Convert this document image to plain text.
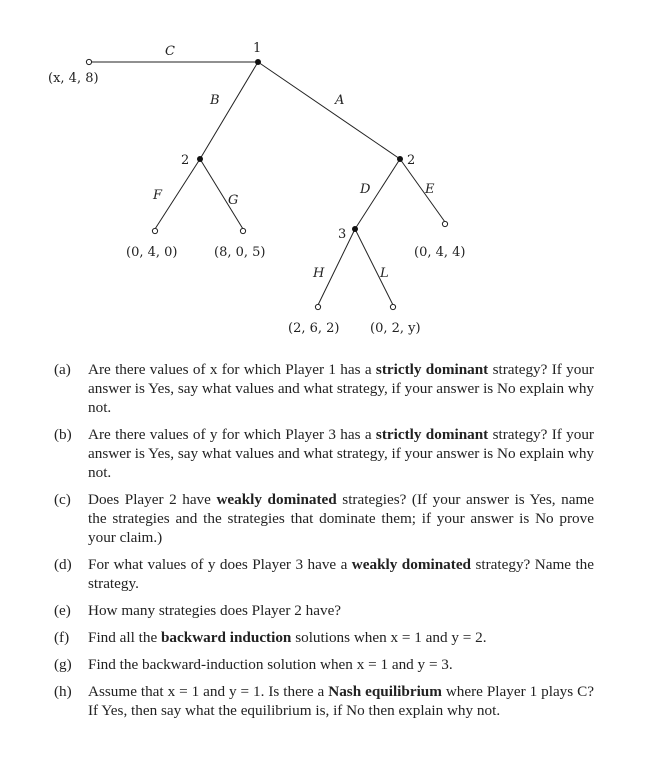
1
2	2
3
C
A
B
F	G
D	E
H	L
(x, 4, 8)
(0, 4, 0)	(8, 0, 5)	(0, 4, 4)
(2, 6, 2) (0, 2, y)
(a) Are there values of x for which Player 1 has a strictly dominant strategy? If your answer is Yes, say what values and what strategy, if your answer is No explain why not.
(b) Are there values of y for which Player 3 has a strictly dominant strategy? If your answer is Yes, say what values and what strategy, if your answer is No explain why not.
(c) Does Player 2 have weakly dominated strategies? (If your answer is Yes, name the strategies and the strategies that dominate them; if your answer is No prove your claim.)
(d) For what values of y does Player 3 have a weakly dominated strategy? Name the strategy.
(e) How many strategies does Player 2 have?
(f) Find all the backward induction solutions when x = 1 and y = 2.
(g) Find the backward-induction solution when x = 1 and y = 3.
(h) Assume that x = 1 and y = 1. Is there a Nash equilibrium where Player 1 plays C? If Yes, then say what the equilibrium is, if No then explain why not.
